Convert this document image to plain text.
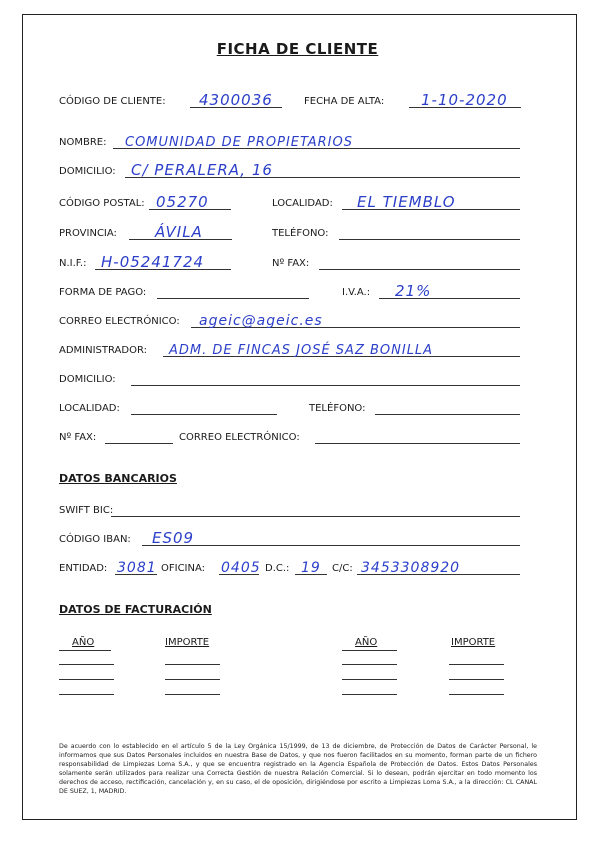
FICHA DE CLIENTE
CÓDIGO DE CLIENTE: 4300036	FECHA DE ALTA: 1-10-2020
NOMBRE: COMUNIDAD DE PROPIETARIOS
DOMICILIO: C/ PERALERA, 16
CÓDIGO POSTAL: 05270	LOCALIDAD: EL TIEMBLO
PROVINCIA:	ÁVILA	TELÉFONO:
N.I.F.: H-05241724	Nº FAX:
FORMA DE PAGO:	I.V.A.: 21%
CORREO ELECTRÓNICO: ageic@ageic.es
ADMINISTRADOR: ADM. DE FINCAS JOSÉ SAZ BONILLA
DOMICILIO:
LOCALIDAD:	TELÉFONO:
Nº FAX:	CORREO ELECTRÓNICO:
DATOS BANCARIOS
SWIFT BIC:
CÓDIGO IBAN: ES09
ENTIDAD: 3081 OFICINA: 0405 D.C.: 19 C/C: 3453308920
DATOS DE FACTURACIÓN
AÑO	IMPORTE	AÑO	IMPORTE
De acuerdo con lo establecido en el artículo 5 de la Ley Orgánica 15/1999, de 13 de diciembre, de Protección de Datos de Carácter Personal, le informamos que sus Datos Personales incluidos en nuestra Base de Datos, y que nos fueron facilitados en su momento, forman parte de un fichero responsabilidad de Limpiezas Loma S.A., y que se encuentra registrado en la Agencia Española de Protección de Datos. Estos Datos Personales solamente serán utilizados para realizar una Correcta Gestión de nuestra Relación Comercial. Si lo desean, podrán ejercitar en todo momento los derechos de acceso, rectificación, cancelación y, en su caso, el de oposición, dirigiéndose por escrito a Limpiezas Loma S.A., a la dirección: CL CANAL DE SUEZ, 1, MADRID.
